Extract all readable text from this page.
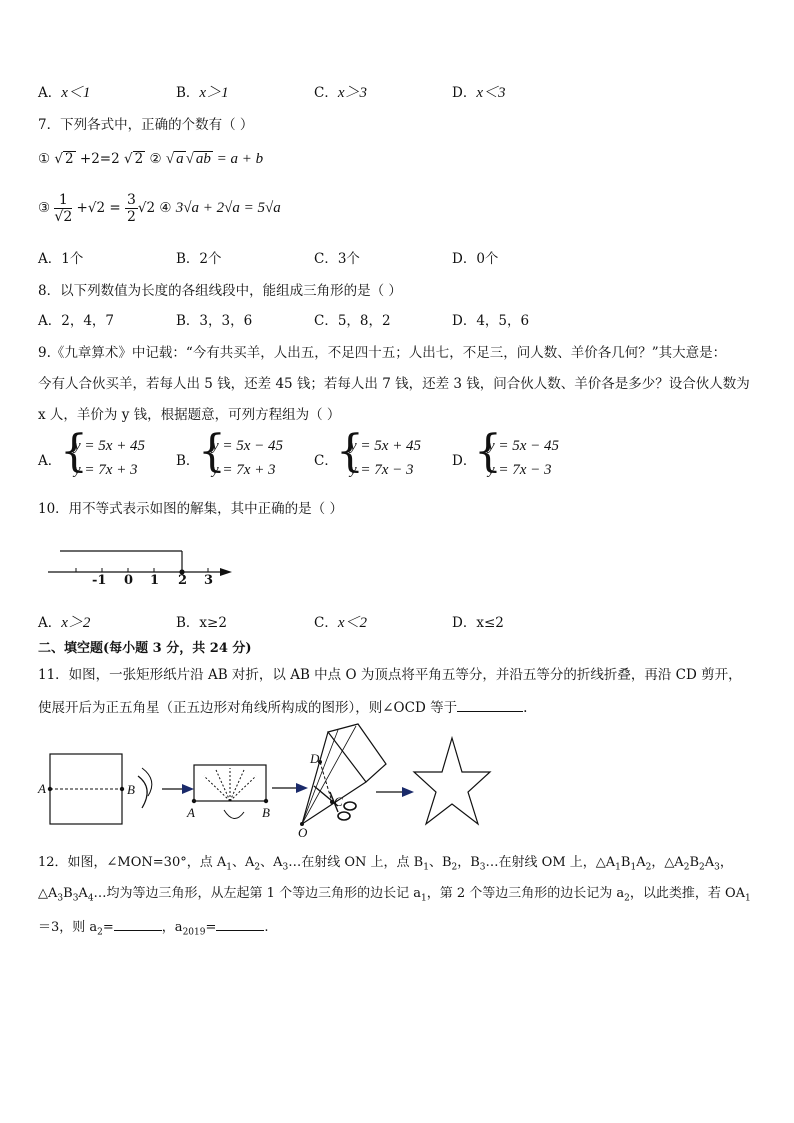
A．x＜1	B．x＞1	C．x＞3	D．x＜3
7．下列各式中，正确的个数有（ ）
① √ 2 +2=2 √ 2 ② √ a √ ab = a + b
③ $\frac{1}{√2} +√2 = \frac{3}{2} √2$ ④ 3√a + 2√a = 5√a
A．1个	B．2个	C．3个	D．0个
8．以下列数值为长度的各组线段中，能组成三角形的是（ ）
A．2，4，7	B．3，3，6	C．5，8，2	D．4，5，6
9.《九章算术》中记载：“今有共买羊，人出五，不足四十五；人出七，不足三，问人数、羊价各几何？”其大意是：
今有人合伙买羊，若每人出 5 钱，还差 45 钱；若每人出 7 钱，还差 3 钱，问合伙人数、羊价各是多少？设合伙人数为
x 人，羊价为 y 钱，根据题意，可列方程组为（ ）
A．
{
y = 5x + 45
y = 7x + 3
B．
{
y = 5x − 45
y = 7x + 3
C．
{
y = 5x + 45
y = 7x − 3
D．
{
y = 5x − 45
y = 7x − 3
10．用不等式表示如图的解集，其中正确的是（ ）
-1 0 1 2 3
A．x＞2	B．x≥2	C．x＜2	D．x≤2
二、填空题(每小题 3 分，共 24 分)
11．如图，一张矩形纸片沿 AB 对折，以 AB 中点 O 为顶点将平角五等分，并沿五等分的折线折叠，再沿 CD 剪开，
使展开后为正五角星（正五边形对角线所构成的图形），则∠OCD 等于	.
A	B
A	B
D
C
O
12．如图，∠MON=30°，点 $A_1$、$A_2$、$A_3\dots$在射线 ON 上，点 $B_1$、$B_2$，$B_3\dots$在射线 OM 上，$\triangle A_1B_1A_2$，$\triangle A_2B_2A_3$，
$\triangle A_3B_3A_4\dots$均为等边三角形，从左起第 1 个等边三角形的边长记 $a_1$，第 2 个等边三角形的边长记为 $a_2$，以此类推，若 $OA_1$
＝3，则 $a_2=$	，$a_{2019}=$	.
